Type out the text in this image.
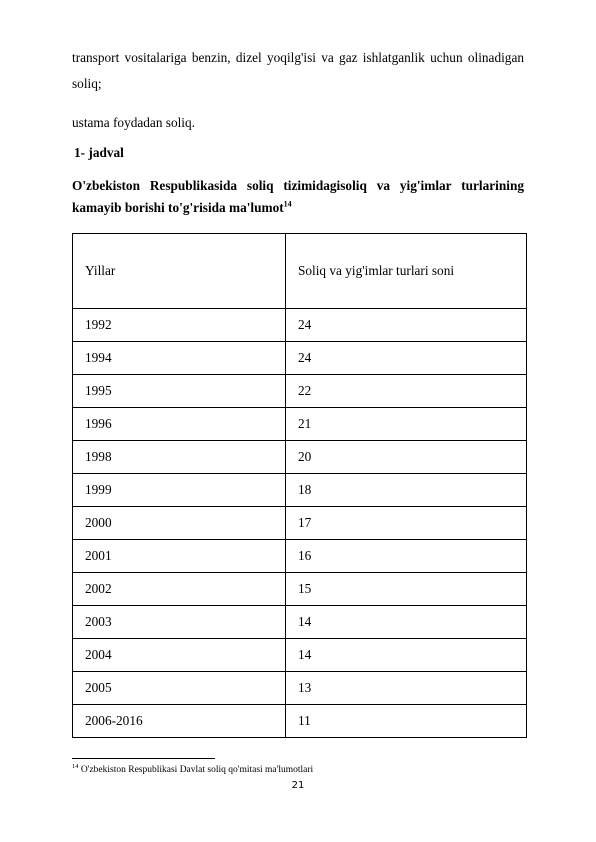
transport vositalariga benzin, dizel yoqilg'isi va gaz ishlatganlik uchun olinadigan

soliq;

ustama foydadan soliq.

1- jadval

O'zbekiston Respublikasida soliq tizimidagisoliq va yig'imlar turlarining

kamayib borishi to'g'risida ma'lumot$^{14}$

Yillar	Soliq va yig'imlar turlari soni
1992	24
1994	24
1995	22
1996	21
1998	20
1999	18
2000	17
2001	16
2002	15
2003	14
2004	14
2005	13
2006-2016	11

$^{14}$ O'zbekiston Respublikasi Davlat soliq qo'mitasi ma'lumotlari

21
